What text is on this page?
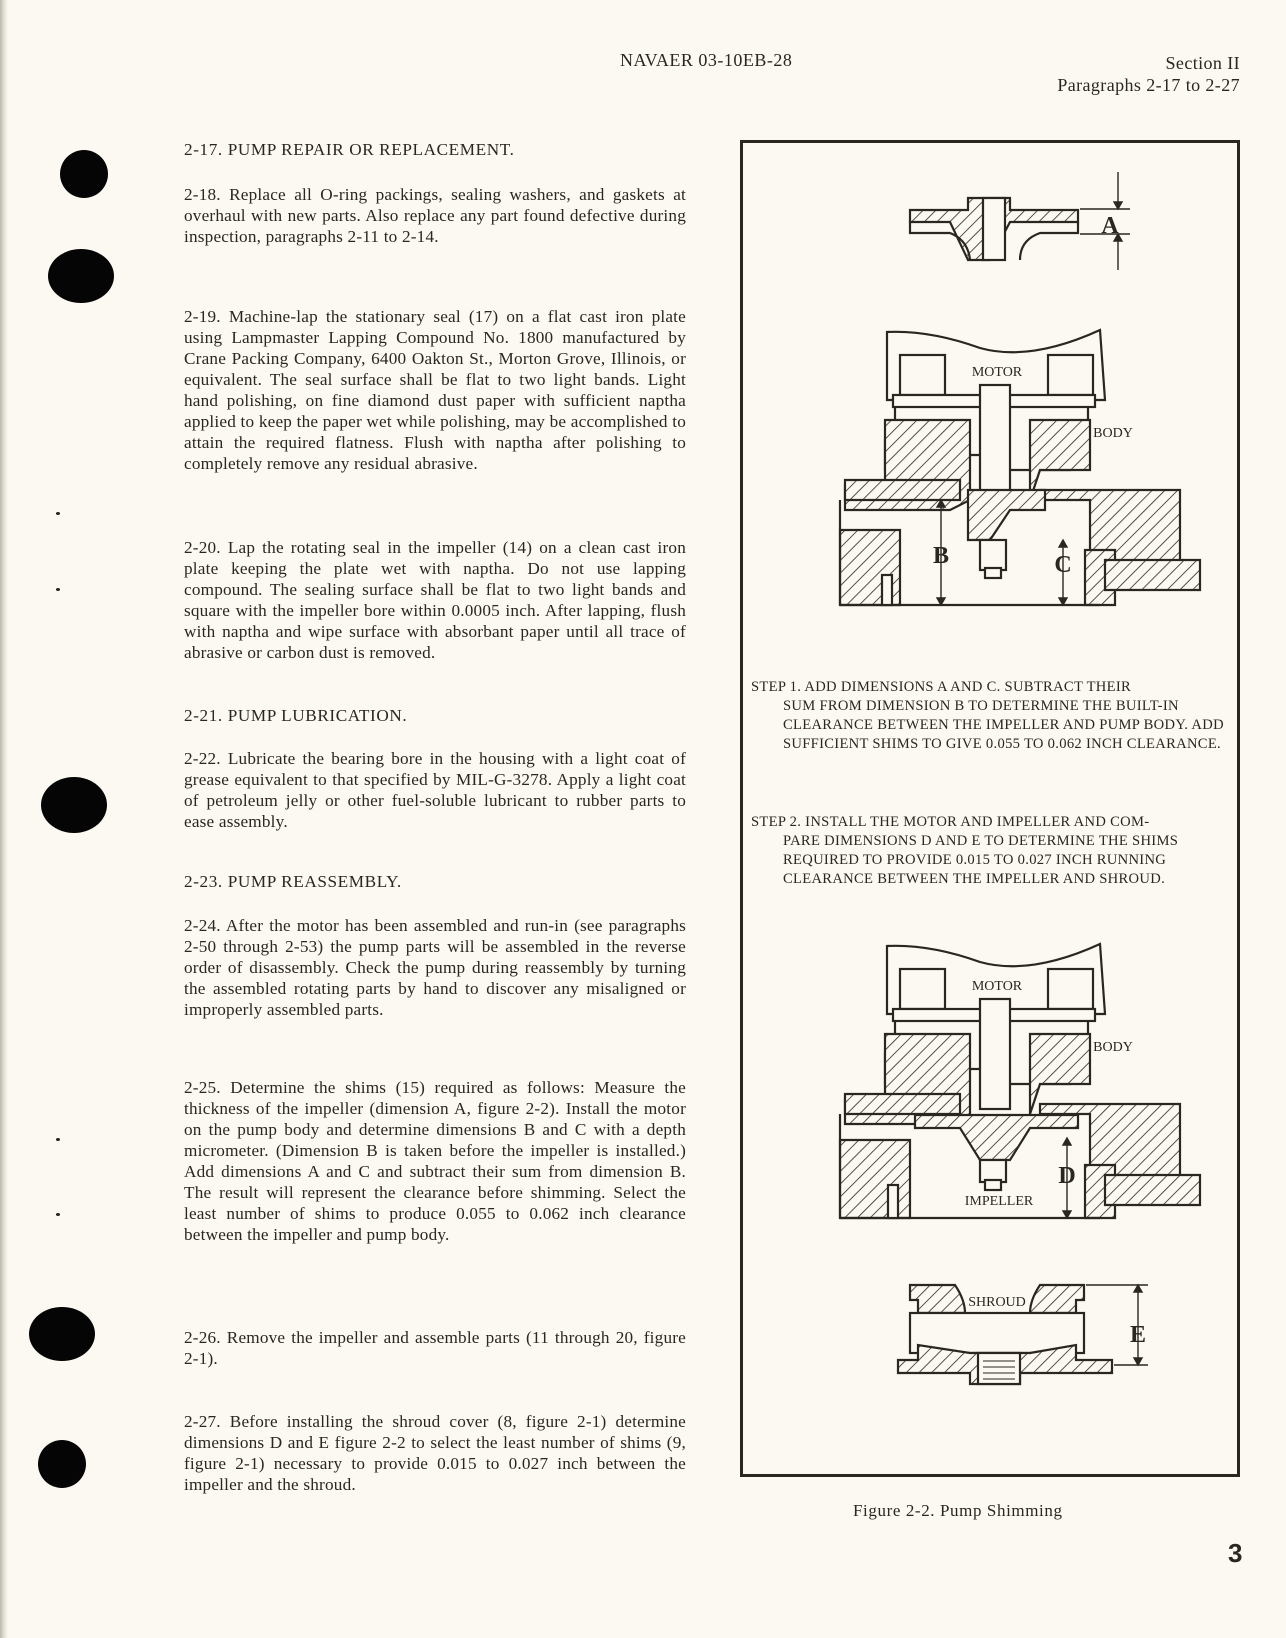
NAVAER 03-10EB-28	Section II
Paragraphs 2-17 to 2-27
2-17. PUMP REPAIR OR REPLACEMENT.
2-18. Replace all O-ring packings, sealing washers, and gaskets at overhaul with new parts. Also replace any part found defective during inspection, paragraphs 2-11 to 2-14.
2-19. Machine-lap the stationary seal (17) on a flat cast iron plate using Lampmaster Lapping Compound No. 1800 manufactured by Crane Packing Company, 6400 Oakton St., Morton Grove, Illinois, or equivalent. The seal surface shall be flat to two light bands. Light hand polishing, on fine diamond dust paper with sufficient naptha applied to keep the paper wet while polishing, may be accomplished to attain the required flatness. Flush with naptha after polishing to completely remove any residual abrasive.
2-20. Lap the rotating seal in the impeller (14) on a clean cast iron plate keeping the plate wet with naptha. Do not use lapping compound. The sealing surface shall be flat to two light bands and square with the impeller bore within 0.0005 inch. After lapping, flush with naptha and wipe surface with absorbant paper until all trace of abrasive or carbon dust is removed.
2-21. PUMP LUBRICATION.
2-22. Lubricate the bearing bore in the housing with a light coat of grease equivalent to that specified by MIL-G-3278. Apply a light coat of petroleum jelly or other fuel-soluble lubricant to rubber parts to ease assembly.
2-23. PUMP REASSEMBLY.
2-24. After the motor has been assembled and run-in (see paragraphs 2-50 through 2-53) the pump parts will be assembled in the reverse order of disassembly. Check the pump during reassembly by turning the assembled rotating parts by hand to discover any misaligned or improperly assembled parts.
2-25. Determine the shims (15) required as follows: Measure the thickness of the impeller (dimension A, figure 2-2). Install the motor on the pump body and determine dimensions B and C with a depth micrometer. (Dimension B is taken before the impeller is installed.) Add dimensions A and C and subtract their sum from dimension B. The result will represent the clearance before shimming. Select the least number of shims to produce 0.055 to 0.062 inch clearance between the impeller and pump body.
2-26. Remove the impeller and assemble parts (11 through 20, figure 2-1).
2-27. Before installing the shroud cover (8, figure 2-1) determine dimensions D and E figure 2-2 to select the least number of shims (9, figure 2-1) necessary to provide 0.015 to 0.027 inch between the impeller and the shroud.
A
MOTOR
BODY
B	C
MOTOR
BODY
D
IMPELLER
SHROUD
E
STEP 1. ADD DIMENSIONS A AND C. SUBTRACT THEIR
SUM FROM DIMENSION B TO DETERMINE THE BUILT-IN CLEARANCE BETWEEN THE IMPELLER AND PUMP BODY. ADD SUFFICIENT SHIMS TO GIVE 0.055 TO 0.062 INCH CLEARANCE.
STEP 2. INSTALL THE MOTOR AND IMPELLER AND COM-
PARE DIMENSIONS D AND E TO DETERMINE THE SHIMS REQUIRED TO PROVIDE 0.015 TO 0.027 INCH RUNNING CLEARANCE BETWEEN THE IMPELLER AND SHROUD.
Figure 2-2. Pump Shimming
3
